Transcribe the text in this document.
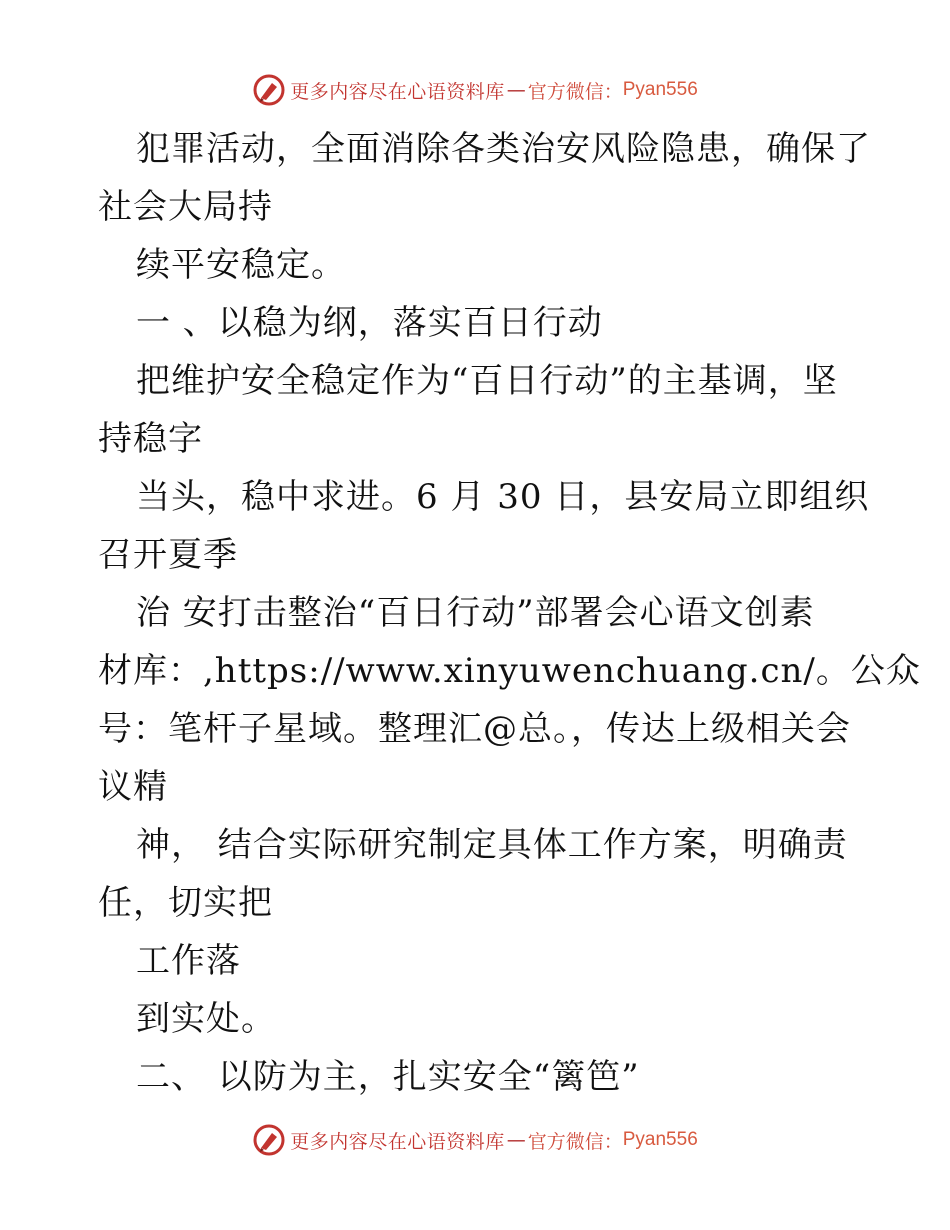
更多内容尽在心语资料库 — 官方微信： Pyan556
犯罪活动，全面消除各类治安风险隐患，确保了
社会大局持
续平安稳定。
一 、以稳为纲，落实百日行动
把维护安全稳定作为“百日行动”的主基调，坚
持稳字
当头，稳中求进。6 月 30 日，县安局立即组织
召开夏季
治 安打击整治“百日行动”部署会心语文创素
材库：,https://www.xinyuwenchuang.cn/。公众
号：笔杆子星域。整理汇@总。，传达上级相关会
议精
神， 结合实际研究制定具体工作方案，明确责
任，切实把
工作落
到实处。
二、 以防为主，扎实安全“篱笆”
更多内容尽在心语资料库 — 官方微信： Pyan556
